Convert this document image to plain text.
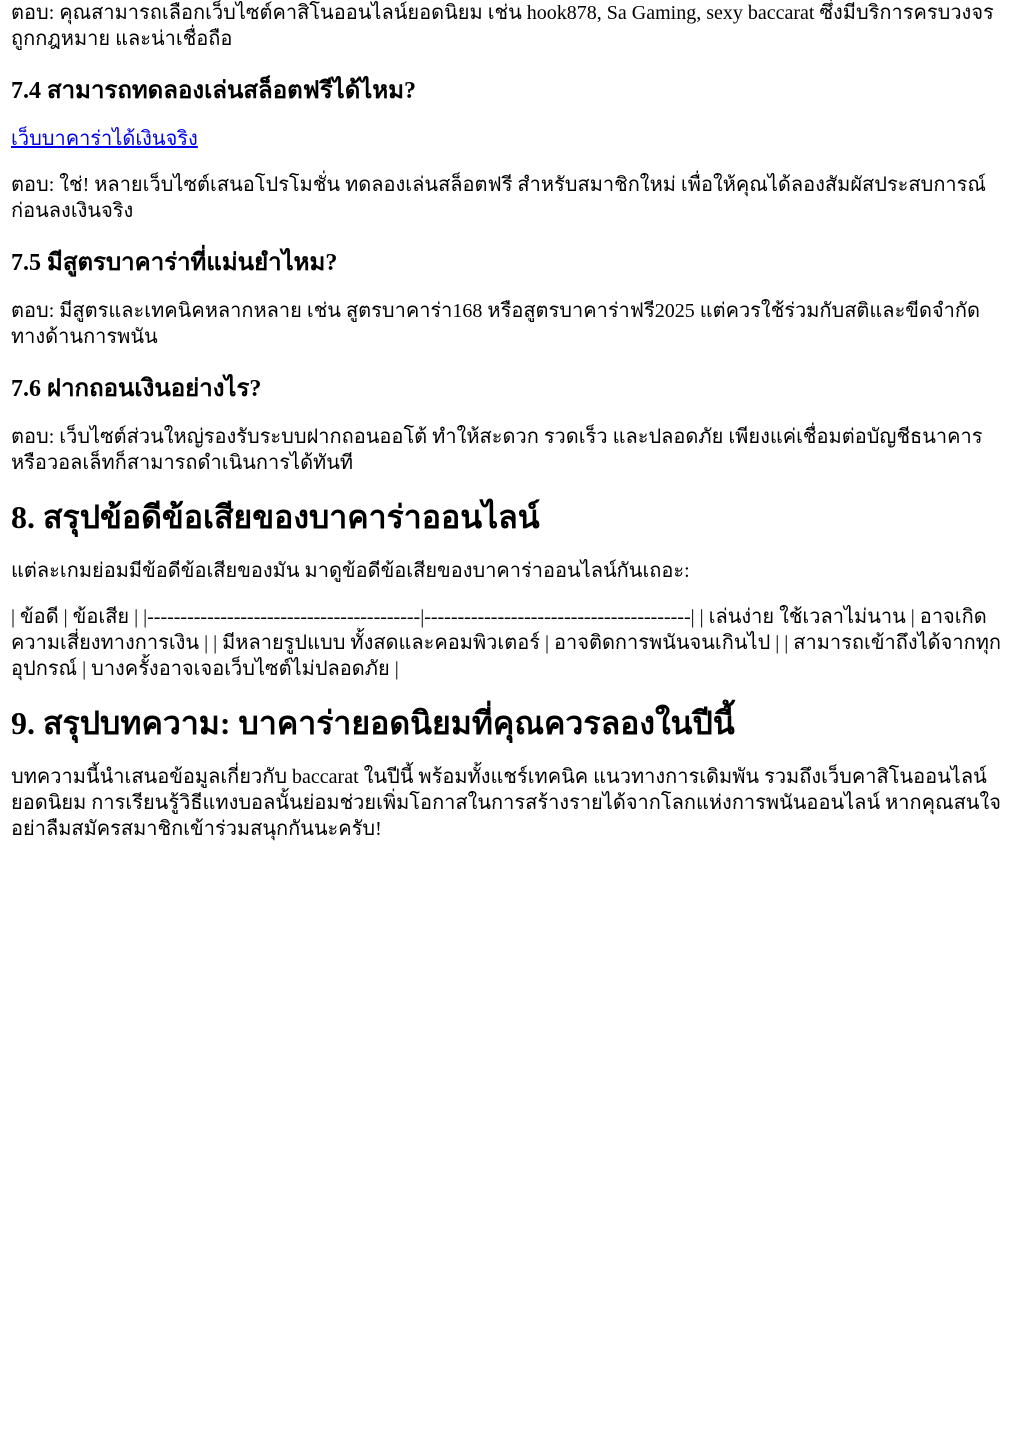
ตอบ: คุณสามารถเลือกเว็บไซต์คาสิโนออนไลน์ยอดนิยม เช่น hook878, Sa Gaming, sexy baccarat ซึ่งมีบริการครบวงจร ถูกกฎหมาย และน่าเชื่อถือ

7.4 สามารถทดลองเล่นสล็อตฟรีได้ไหม?

เว็บบาคาร่าได้เงินจริง

ตอบ: ใช่! หลายเว็บไซต์เสนอโปรโมชั่น ทดลองเล่นสล็อตฟรี สำหรับสมาชิกใหม่ เพื่อให้คุณได้ลองสัมผัสประสบการณ์ก่อนลงเงินจริง

7.5 มีสูตรบาคาร่าที่แม่นยำไหม?

ตอบ: มีสูตรและเทคนิคหลากหลาย เช่น สูตรบาคาร่า168 หรือสูตรบาคาร่าฟรี2025 แต่ควรใช้ร่วมกับสติและขีดจำกัดทางด้านการพนัน

7.6 ฝากถอนเงินอย่างไร?

ตอบ: เว็บไซต์ส่วนใหญ่รองรับระบบฝากถอนออโต้ ทำให้สะดวก รวดเร็ว และปลอดภัย เพียงแค่เชื่อมต่อบัญชีธนาคารหรือวอลเล็ทก็สามารถดำเนินการได้ทันที

8. สรุปข้อดีข้อเสียของบาคาร่าออนไลน์

แต่ละเกมย่อมมีข้อดีข้อเสียของมัน มาดูข้อดีข้อเสียของบาคาร่าออนไลน์กันเถอะ:

| ข้อดี | ข้อเสีย | |-----------------------------------------|----------------------------------------| | เล่นง่าย ใช้เวลาไม่นาน | อาจเกิดความเสี่ยงทางการเงิน | | มีหลายรูปแบบ ทั้งสดและคอมพิวเตอร์ | อาจติดการพนันจนเกินไป | | สามารถเข้าถึงได้จากทุกอุปกรณ์ | บางครั้งอาจเจอเว็บไซต์ไม่ปลอดภัย |

9. สรุปบทความ: บาคาร่ายอดนิยมที่คุณควรลองในปีนี้

บทความนี้นำเสนอข้อมูลเกี่ยวกับ baccarat ในปีนี้ พร้อมทั้งแชร์เทคนิค แนวทางการเดิมพัน รวมถึงเว็บคาสิโนออนไลน์ยอดนิยม การเรียนรู้วิธีแทงบอลนั้นย่อมช่วยเพิ่มโอกาสในการสร้างรายได้จากโลกแห่งการพนันออนไลน์ หากคุณสนใจ อย่าลืมสมัครสมาชิกเข้าร่วมสนุกกันนะครับ!
